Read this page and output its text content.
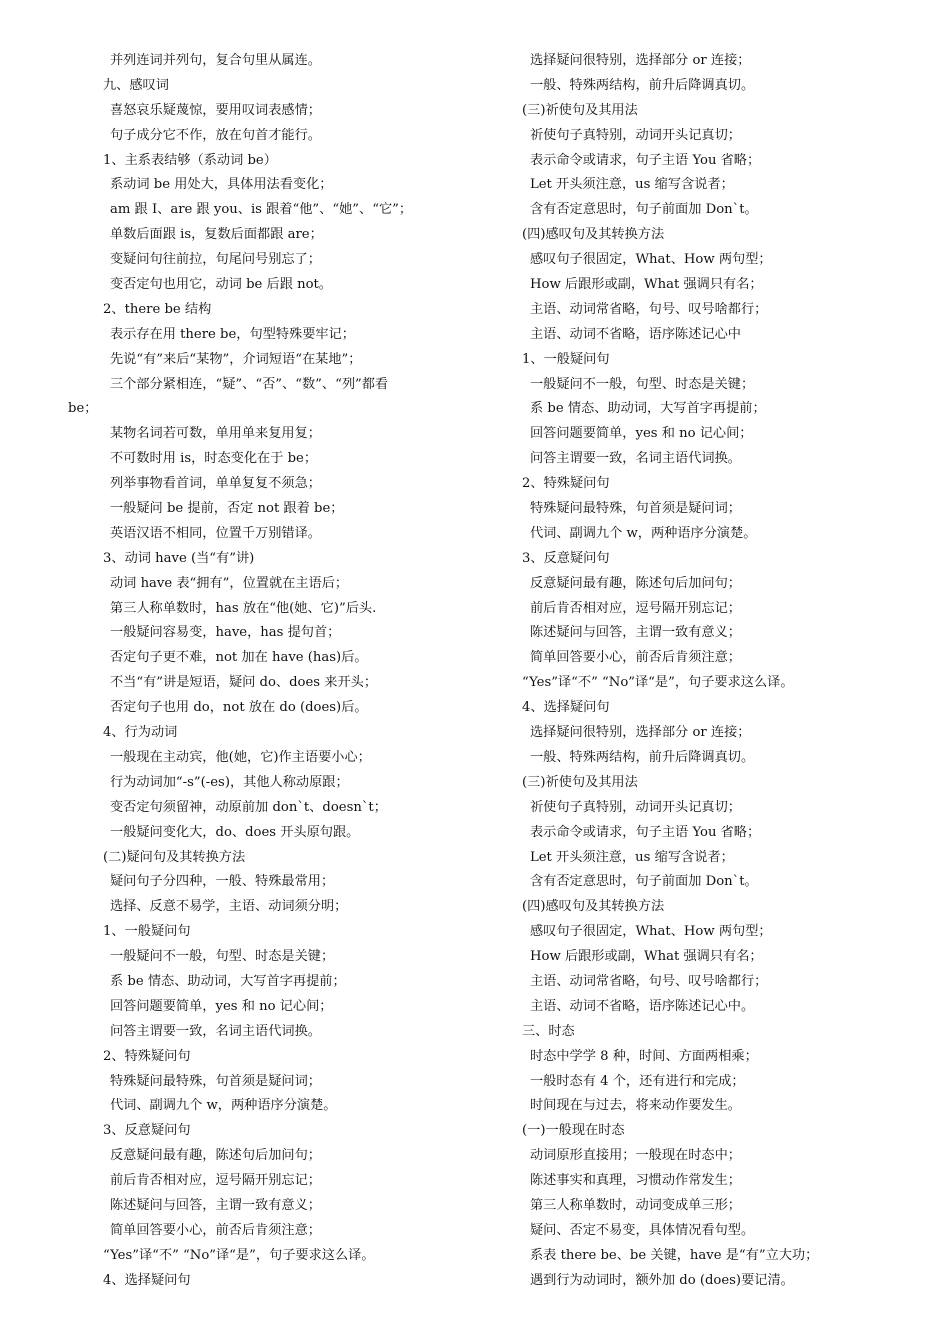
并列连词并列句，复合句里从属连。
九、感叹词
喜怒哀乐疑蔑惊，要用叹词表感情；
句子成分它不作，放在句首才能行。
1、主系表结够（系动词 be）
系动词 be 用处大，具体用法看变化；
am 跟 I、are 跟 you、is 跟着“他”、“她”、“它”；
单数后面跟 is，复数后面都跟 are；
变疑问句往前拉，句尾问号别忘了；
变否定句也用它，动词 be 后跟 not。
2、there be 结构
表示存在用 there be，句型特殊要牢记；
先说“有”来后“某物”，介词短语“在某地”；
三个部分紧相连，“疑”、“否”、“数”、“列”都看
be；
某物名词若可数，单用单来复用复；
不可数时用 is，时态变化在于 be；
列举事物看首词，单单复复不须急；
一般疑问 be 提前，否定 not 跟着 be；
英语汉语不相同，位置千万别错译。
3、动词 have (当“有”讲)
动词 have 表“拥有”，位置就在主语后；
第三人称单数时，has 放在“他(她、它)”后头.
一般疑问容易变，have，has 提句首；
否定句子更不难，not 加在 have (has)后。
不当“有”讲是短语，疑问 do、does 来开头；
否定句子也用 do，not 放在 do (does)后。
4、行为动词
一般现在主动宾，他(她，它)作主语要小心；
行为动词加“-s”(-es)，其他人称动原跟；
变否定句须留神，动原前加 don`t、doesn`t；
一般疑问变化大，do、does 开头原句跟。
(二)疑问句及其转换方法
疑问句子分四种，一般、特殊最常用；
选择、反意不易学，主语、动词须分明；
1、一般疑问句
一般疑问不一般，句型、时态是关键；
系 be 情态、助动词，大写首字再提前；
回答问题要简单，yes 和 no 记心间；
问答主谓要一致，名词主语代词换。
2、特殊疑问句
特殊疑问最特殊，句首须是疑问词；
代词、副调九个 w，两种语序分演楚。
3、反意疑问句
反意疑问最有趣，陈述句后加问句；
前后肯否相对应，逗号隔开别忘记；
陈述疑问与回答，主谓一致有意义；
简单回答要小心，前否后肯须注意；
“Yes”译“不” “No”译“是”，句子要求这么译。
4、选择疑问句
选择疑问很特别，选择部分 or 连接；
一般、特殊两结构，前升后降调真切。
(三)祈使句及其用法
祈使句子真特别，动词开头记真切；
表示命令或请求，句子主语 You 省略；
Let 开头须注意，us 缩写含说者；
含有否定意思时，句子前面加 Don`t。
(四)感叹句及其转换方法
感叹句子很固定，What、How 两句型；
How 后跟形或副，What 强调只有名；
主语、动词常省略，句号、叹号啥都行；
主语、动词不省略，语序陈述记心中
1、一般疑问句
一般疑问不一般，句型、时态是关键；
系 be 情态、助动词，大写首字再提前；
回答问题要简单，yes 和 no 记心间；
问答主谓要一致，名词主语代词换。
2、特殊疑问句
特殊疑问最特殊，句首须是疑问词；
代词、副调九个 w，两种语序分演楚。
3、反意疑问句
反意疑问最有趣，陈述句后加问句；
前后肯否相对应，逗号隔开别忘记；
陈述疑问与回答，主谓一致有意义；
简单回答要小心，前否后肯须注意；
“Yes”译“不” “No”译“是”，句子要求这么译。
4、选择疑问句
选择疑问很特别，选择部分 or 连接；
一般、特殊两结构，前升后降调真切。
(三)祈使句及其用法
祈使句子真特别，动词开头记真切；
表示命令或请求，句子主语 You 省略；
Let 开头须注意，us 缩写含说者；
含有否定意思时，句子前面加 Don`t。
(四)感叹句及其转换方法
感叹句子很固定，What、How 两句型；
How 后跟形或副，What 强调只有名；
主语、动词常省略，句号、叹号啥都行；
主语、动词不省略，语序陈述记心中。
三、时态
时态中学学 8 种，时间、方面两相乘；
一般时态有 4 个，还有进行和完成；
时间现在与过去，将来动作要发生。
(一)一般现在时态
动词原形直接用；一般现在时态中；
陈述事实和真理，习惯动作常发生；
第三人称单数时，动词变成单三形；
疑问、否定不易变，具体情况看句型。
系表 there be、be 关键，have 是“有”立大功；
遇到行为动词时，额外加 do (does)要记清。
